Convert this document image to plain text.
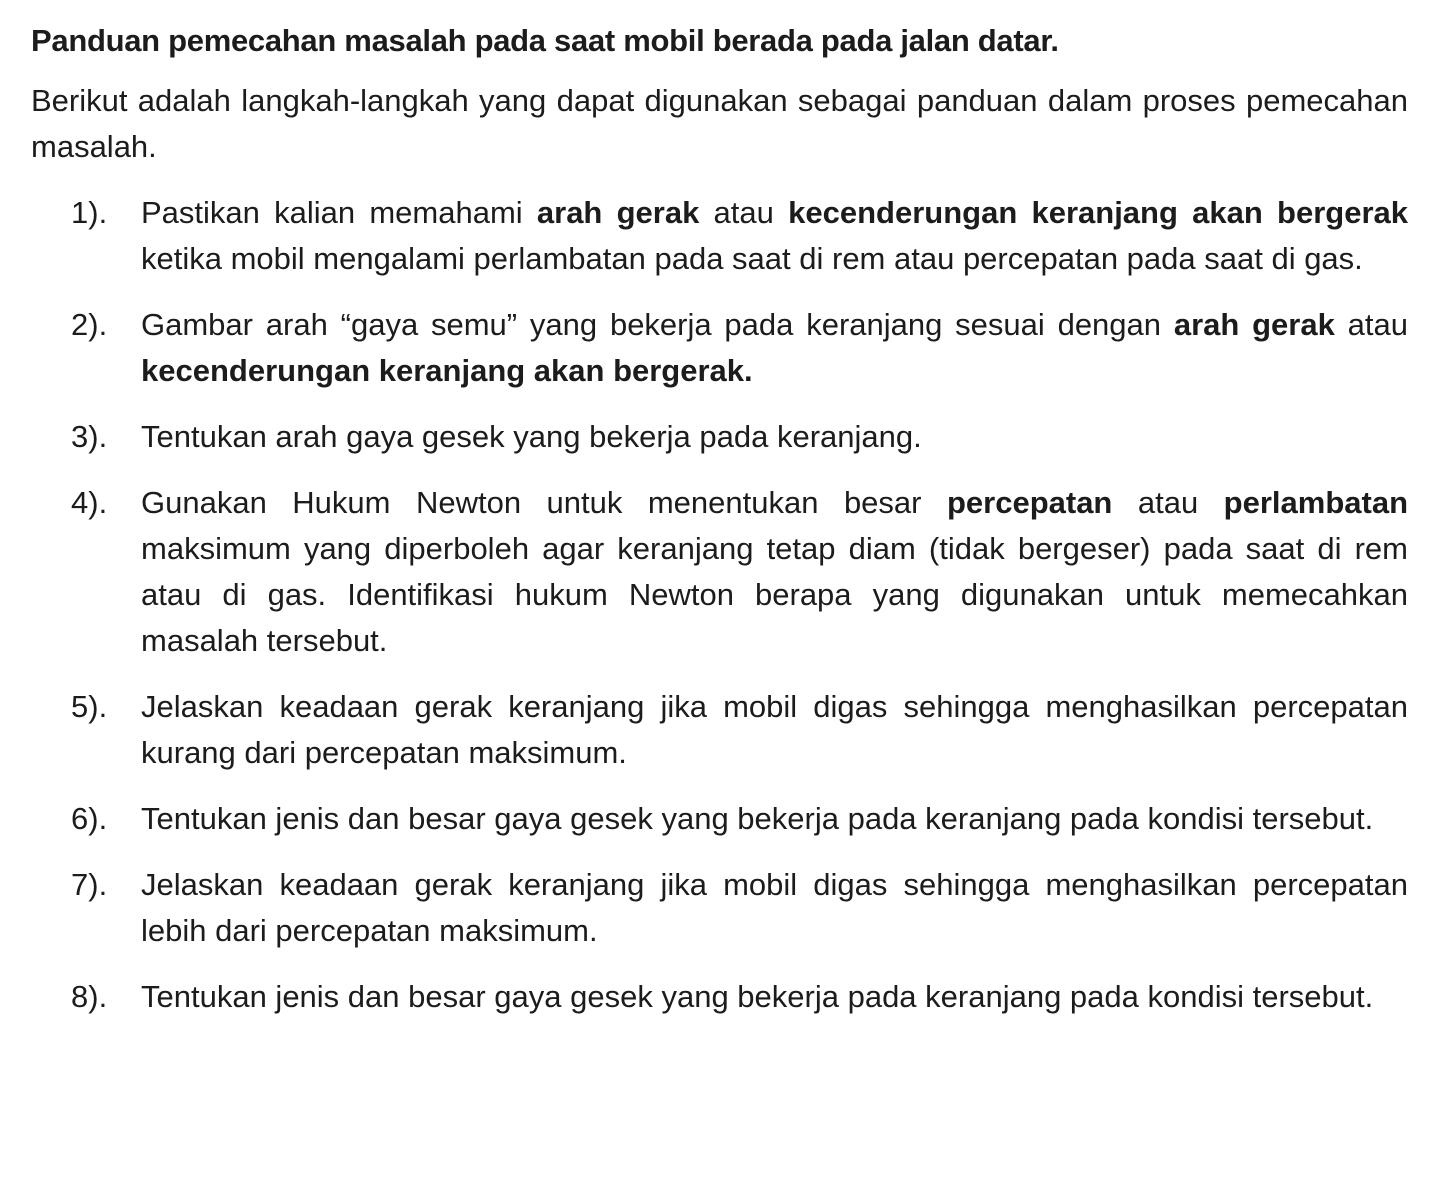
Panduan pemecahan masalah pada saat mobil berada pada jalan datar.
Berikut adalah langkah-langkah yang dapat digunakan sebagai panduan dalam proses pemecahan masalah.
1). Pastikan kalian memahami arah gerak atau kecenderungan keranjang akan bergerak ketika mobil mengalami perlambatan pada saat di rem atau percepatan pada saat di gas.
2). Gambar arah “gaya semu” yang bekerja pada keranjang sesuai dengan arah gerak atau kecenderungan keranjang akan bergerak.
3). Tentukan arah gaya gesek yang bekerja pada keranjang.
4). Gunakan Hukum Newton untuk menentukan besar percepatan atau perlambatan maksimum yang diperboleh agar keranjang tetap diam (tidak bergeser) pada saat di rem atau di gas. Identifikasi hukum Newton berapa yang digunakan untuk memecahkan masalah tersebut.
5). Jelaskan keadaan gerak keranjang jika mobil digas sehingga menghasilkan percepatan kurang dari percepatan maksimum.
6). Tentukan jenis dan besar gaya gesek yang bekerja pada keranjang pada kondisi tersebut.
7). Jelaskan keadaan gerak keranjang jika mobil digas sehingga menghasilkan percepatan lebih dari percepatan maksimum.
8). Tentukan jenis dan besar gaya gesek yang bekerja pada keranjang pada kondisi tersebut.
